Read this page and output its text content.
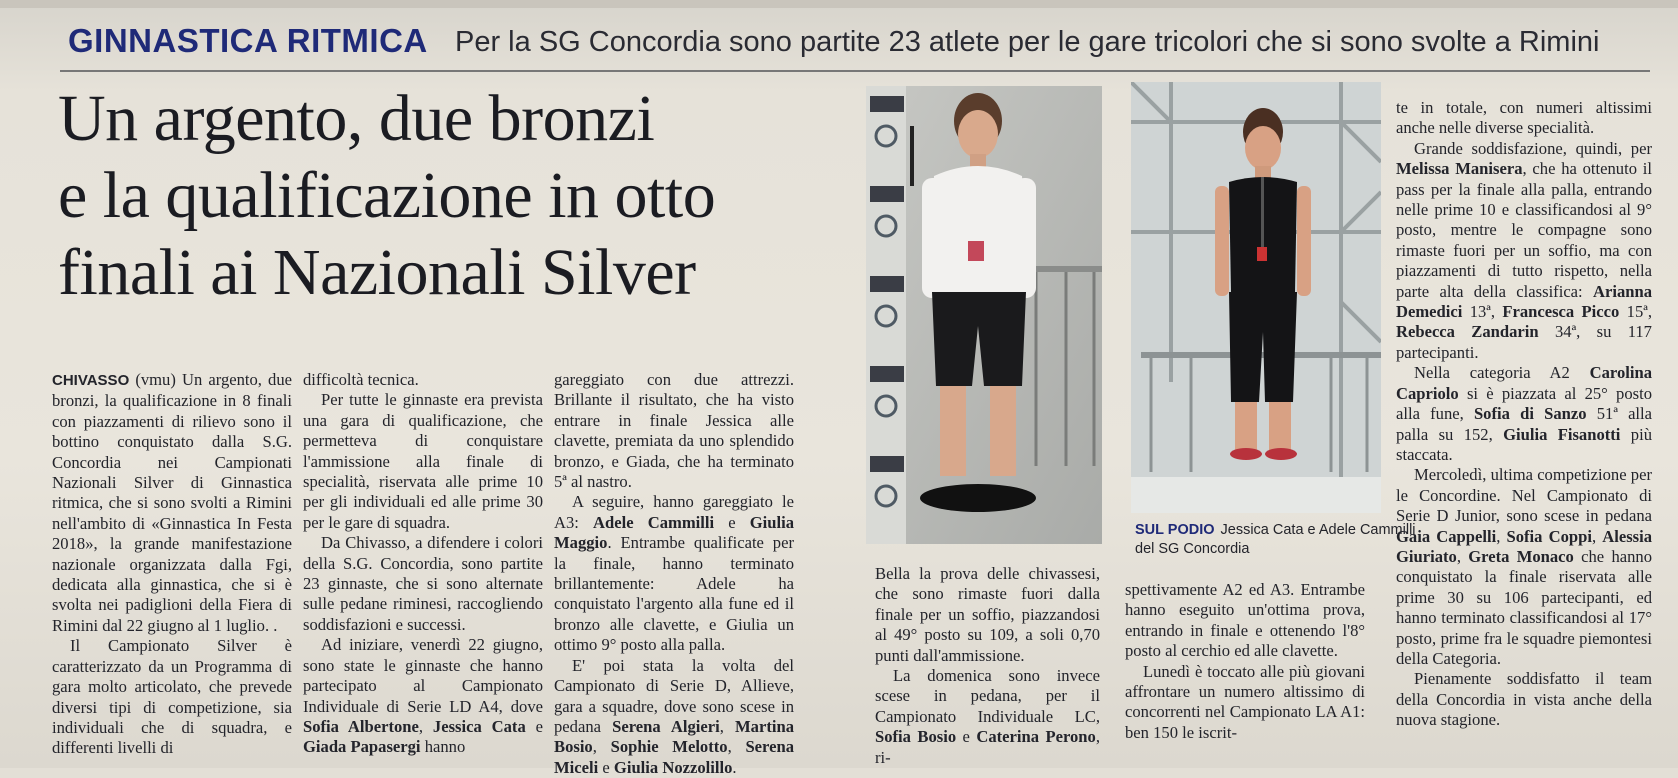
GINNASTICA RITMICA Per la SG Concordia sono partite 23 atlete per le gare tricolori che si sono svolte a Rimini
Un argento, due bronzi
e la qualificazione in otto
finali ai Nazionali Silver

CHIVASSO (vmu) Un argento, due bronzi, la qualificazione in 8 finali con piazzamenti di rilievo sono il bottino conquistato dalla S.G. Concordia nei Campionati Nazionali Silver di Ginnastica ritmica, che si sono svolti a Rimini nell'ambito di «Ginnastica In Festa 2018», la grande manifestazione nazionale organizzata dalla Fgi, dedicata alla ginnastica, che si è svolta nei padiglioni della Fiera di Rimini dal 22 giugno al 1 luglio. .

Il Campionato Silver è caratterizzato da un Programma di gara molto articolato, che prevede diversi tipi di competizione, sia individuali che di squadra, e differenti livelli di

difficoltà tecnica.

Per tutte le ginnaste era prevista una gara di qualificazione, che permetteva di conquistare l'ammissione alla finale di specialità, riservata alle prime 10 per gli individuali ed alle prime 30 per le gare di squadra.

Da Chivasso, a difendere i colori della S.G. Concordia, sono partite 23 ginnaste, che si sono alternate sulle pedane riminesi, raccogliendo soddisfazioni e successi.

Ad iniziare, venerdì 22 giugno, sono state le ginnaste che hanno partecipato al Campionato Individuale di Serie LD A4, dove Sofia Albertone, Jessica Cata e Giada Papasergi hanno

gareggiato con due attrezzi. Brillante il risultato, che ha visto entrare in finale Jessica alle clavette, premiata da uno splendido bronzo, e Giada, che ha terminato 5ª al nastro.

A seguire, hanno gareggiato le A3: Adele Cammilli e Giulia Maggio. Entrambe qualificate per la finale, hanno terminato brillantemente: Adele ha conquistato l'argento alla fune ed il bronzo alle clavette, e Giulia un ottimo 9° posto alla palla.

E' poi stata la volta del Campionato di Serie D, Allieve, gara a squadre, dove sono scese in pedana Serena Algieri, Martina Bosio, Sophie Melotto, Serena Miceli e Giulia Nozzolillo.

SUL PODIO Jessica Cata e Adele Cammilli del SG Concordia

Bella la prova delle chivassesi, che sono rimaste fuori dalla finale per un soffio, piazzandosi al 49° posto su 109, a soli 0,70 punti dall'ammissione.

La domenica sono invece scese in pedana, per il Campionato Individuale LC, Sofia Bosio e Caterina Perono, ri-

spettivamente A2 ed A3. Entrambe hanno eseguito un'ottima prova, entrando in finale e ottenendo l'8° posto al cerchio ed alle clavette.

Lunedì è toccato alle più giovani affrontare un numero altissimo di concorrenti nel Campionato LA A1: ben 150 le iscrit-

te in totale, con numeri altissimi anche nelle diverse specialità.

Grande soddisfazione, quindi, per Melissa Manisera, che ha ottenuto il pass per la finale alla palla, entrando nelle prime 10 e classificandosi al 9° posto, mentre le compagne sono rimaste fuori per un soffio, ma con piazzamenti di tutto rispetto, nella parte alta della classifica: Arianna Demedici 13ª, Francesca Picco 15ª, Rebecca Zandarin 34ª, su 117 partecipanti.

Nella categoria A2 Carolina Capriolo si è piazzata al 25° posto alla fune, Sofia di Sanzo 51ª alla palla su 152, Giulia Fisanotti più staccata.

Mercoledì, ultima competizione per le Concordine. Nel Campionato di Serie D Junior, sono scese in pedana Gaia Cappelli, Sofia Coppi, Alessia Giuriato, Greta Monaco che hanno conquistato la finale riservata alle prime 30 su 106 partecipanti, ed hanno terminato classificandosi al 17° posto, prime fra le squadre piemontesi della Categoria.

Pienamente soddisfatto il team della Concordia in vista anche della nuova stagione.
